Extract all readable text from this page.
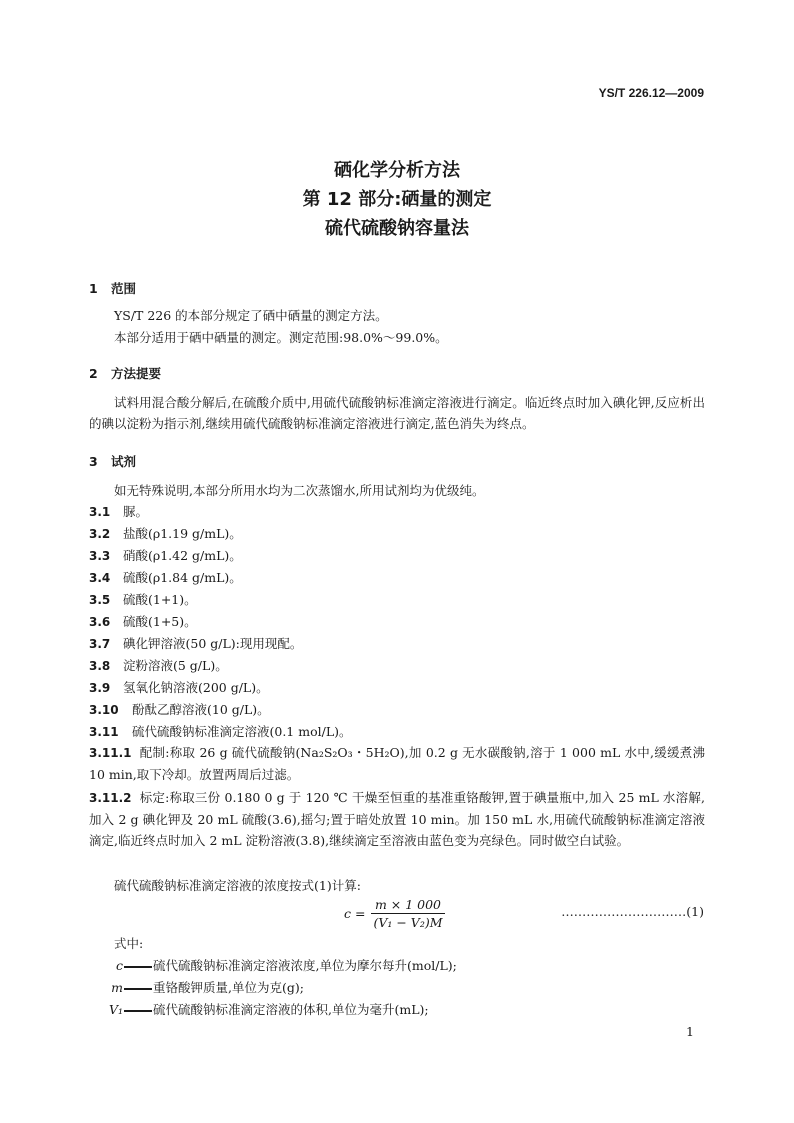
YS/T 226.12—2009
硒化学分析方法
第 12 部分:硒量的测定
硫代硫酸钠容量法
1 范围
YS/T 226 的本部分规定了硒中硒量的测定方法。
本部分适用于硒中硒量的测定。测定范围:98.0%～99.0%。
2 方法提要
试料用混合酸分解后,在硫酸介质中,用硫代硫酸钠标准滴定溶液进行滴定。临近终点时加入碘化钾,反应析出的碘以淀粉为指示剂,继续用硫代硫酸钠标准滴定溶液进行滴定,蓝色消失为终点。
3 试剂
如无特殊说明,本部分所用水均为二次蒸馏水,所用试剂均为优级纯。
3.1 脲。
3.2 盐酸(ρ1.19 g/mL)。
3.3 硝酸(ρ1.42 g/mL)。
3.4 硫酸(ρ1.84 g/mL)。
3.5 硫酸(1+1)。
3.6 硫酸(1+5)。
3.7 碘化钾溶液(50 g/L):现用现配。
3.8 淀粉溶液(5 g/L)。
3.9 氢氧化钠溶液(200 g/L)。
3.10 酚酞乙醇溶液(10 g/L)。
3.11 硫代硫酸钠标准滴定溶液(0.1 mol/L)。
3.11.1 配制:称取 26 g 硫代硫酸钠(Na₂S₂O₃・5H₂O),加 0.2 g 无水碳酸钠,溶于 1 000 mL 水中,缓缓煮沸 10 min,取下冷却。放置两周后过滤。
3.11.2 标定:称取三份 0.180 0 g 于 120 ℃ 干燥至恒重的基准重铬酸钾,置于碘量瓶中,加入 25 mL 水溶解,加入 2 g 碘化钾及 20 mL 硫酸(3.6),摇匀;置于暗处放置 10 min。加 150 mL 水,用硫代硫酸钠标准滴定溶液滴定,临近终点时加入 2 mL 淀粉溶液(3.8),继续滴定至溶液由蓝色变为亮绿色。同时做空白试验。
硫代硫酸钠标准滴定溶液的浓度按式(1)计算:
$c = \frac{m \times 1 000}{\text{(V₁ − V₂)M}}$	…………………………(1)
式中:
c 硫代硫酸钠标准滴定溶液浓度,单位为摩尔每升(mol/L);
m 重铬酸钾质量,单位为克(g);
V₁ 硫代硫酸钠标准滴定溶液的体积,单位为毫升(mL);
1
